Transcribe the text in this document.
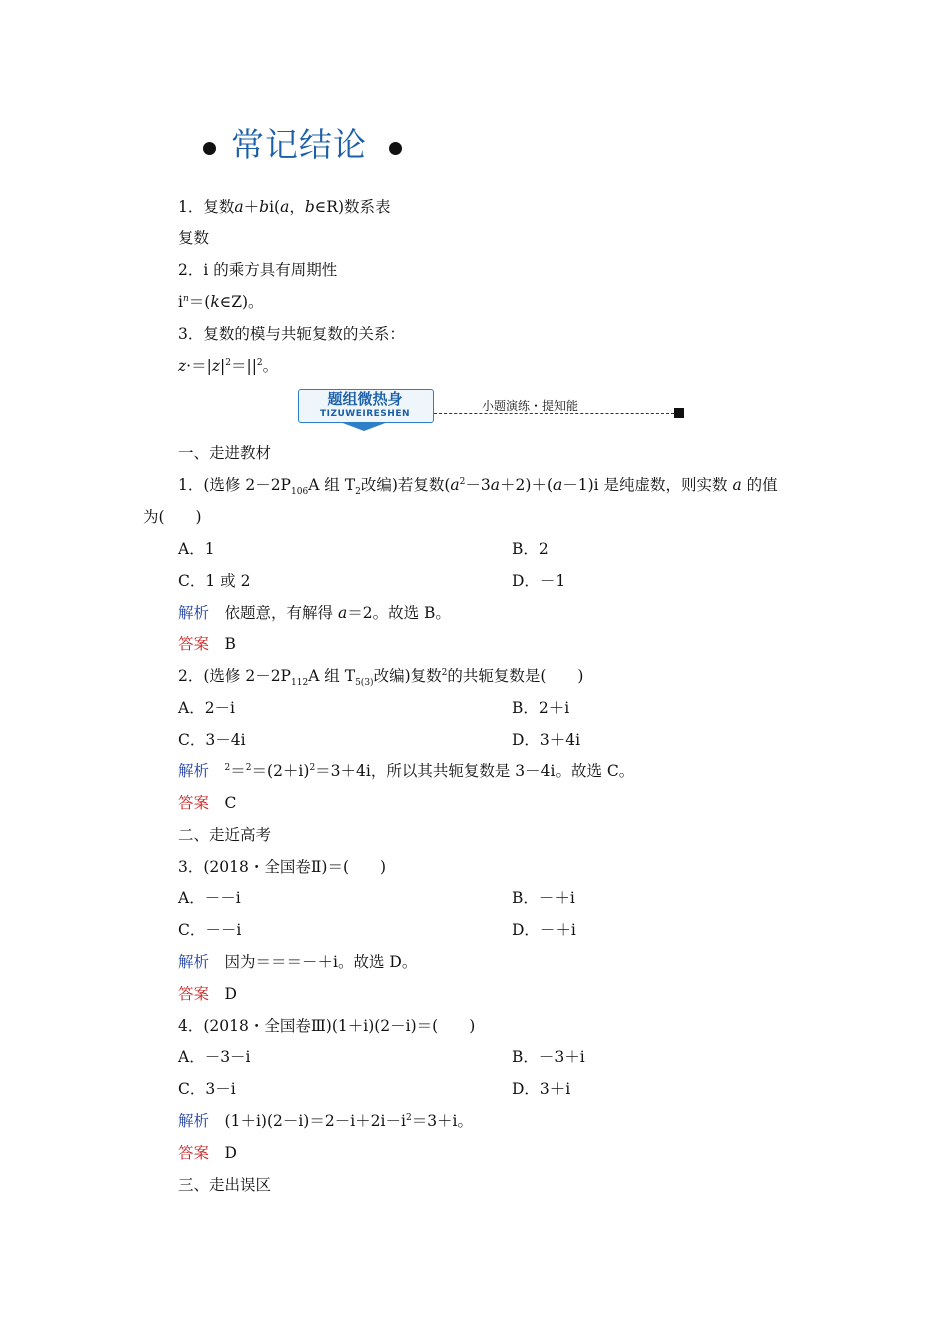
常记结论
1．复数a＋bi(a，b∈R)数系表
复数
2．i 的乘方具有周期性
$i^n=(k\in Z)$。
3．复数的模与共轭复数的关系：
$z\cdot=|z|^2=||^2$。
题组微热身
TIZUWEIRESHEN
小题演练・提知能
一、走进教材
1．(选修 $2-2P_{106}A$ 组 $T_2$改编)若复数$(a^2-3a+2)+(a-1)i$ 是纯虚数，则实数 a 的值
为(　　)
A．1	B．2
C．1 或 2	D．－1
解析　 依题意，有解得 a＝2。故选 B。
答案　 B
2．(选修 $2-2P_{112}A$ 组 $T_{5(3)}$改编)复数$^2$的共轭复数是(　　)
A．2－i	B．2＋i
C．3－4i	D．3＋4i
解析　 $^2=^2=(2+i)^2=3+4i$，所以其共轭复数是 3－4i。故选 C。
答案　 C
二、走近高考
3．(2018・全国卷Ⅱ)＝(　　)
A．－－i	B．－＋i
C．－－i	D．－＋i
解析　 因为＝＝＝－＋i。故选 D。
答案　 D
4．(2018・全国卷Ⅲ)(1＋i)(2－i)＝(　　)
A．－3－i	B．－3＋i
C．3－i	D．3＋i
解析　 $(1+i)(2-i)=2-i+2i-i^2=3+i$。
答案　 D
三、走出误区
